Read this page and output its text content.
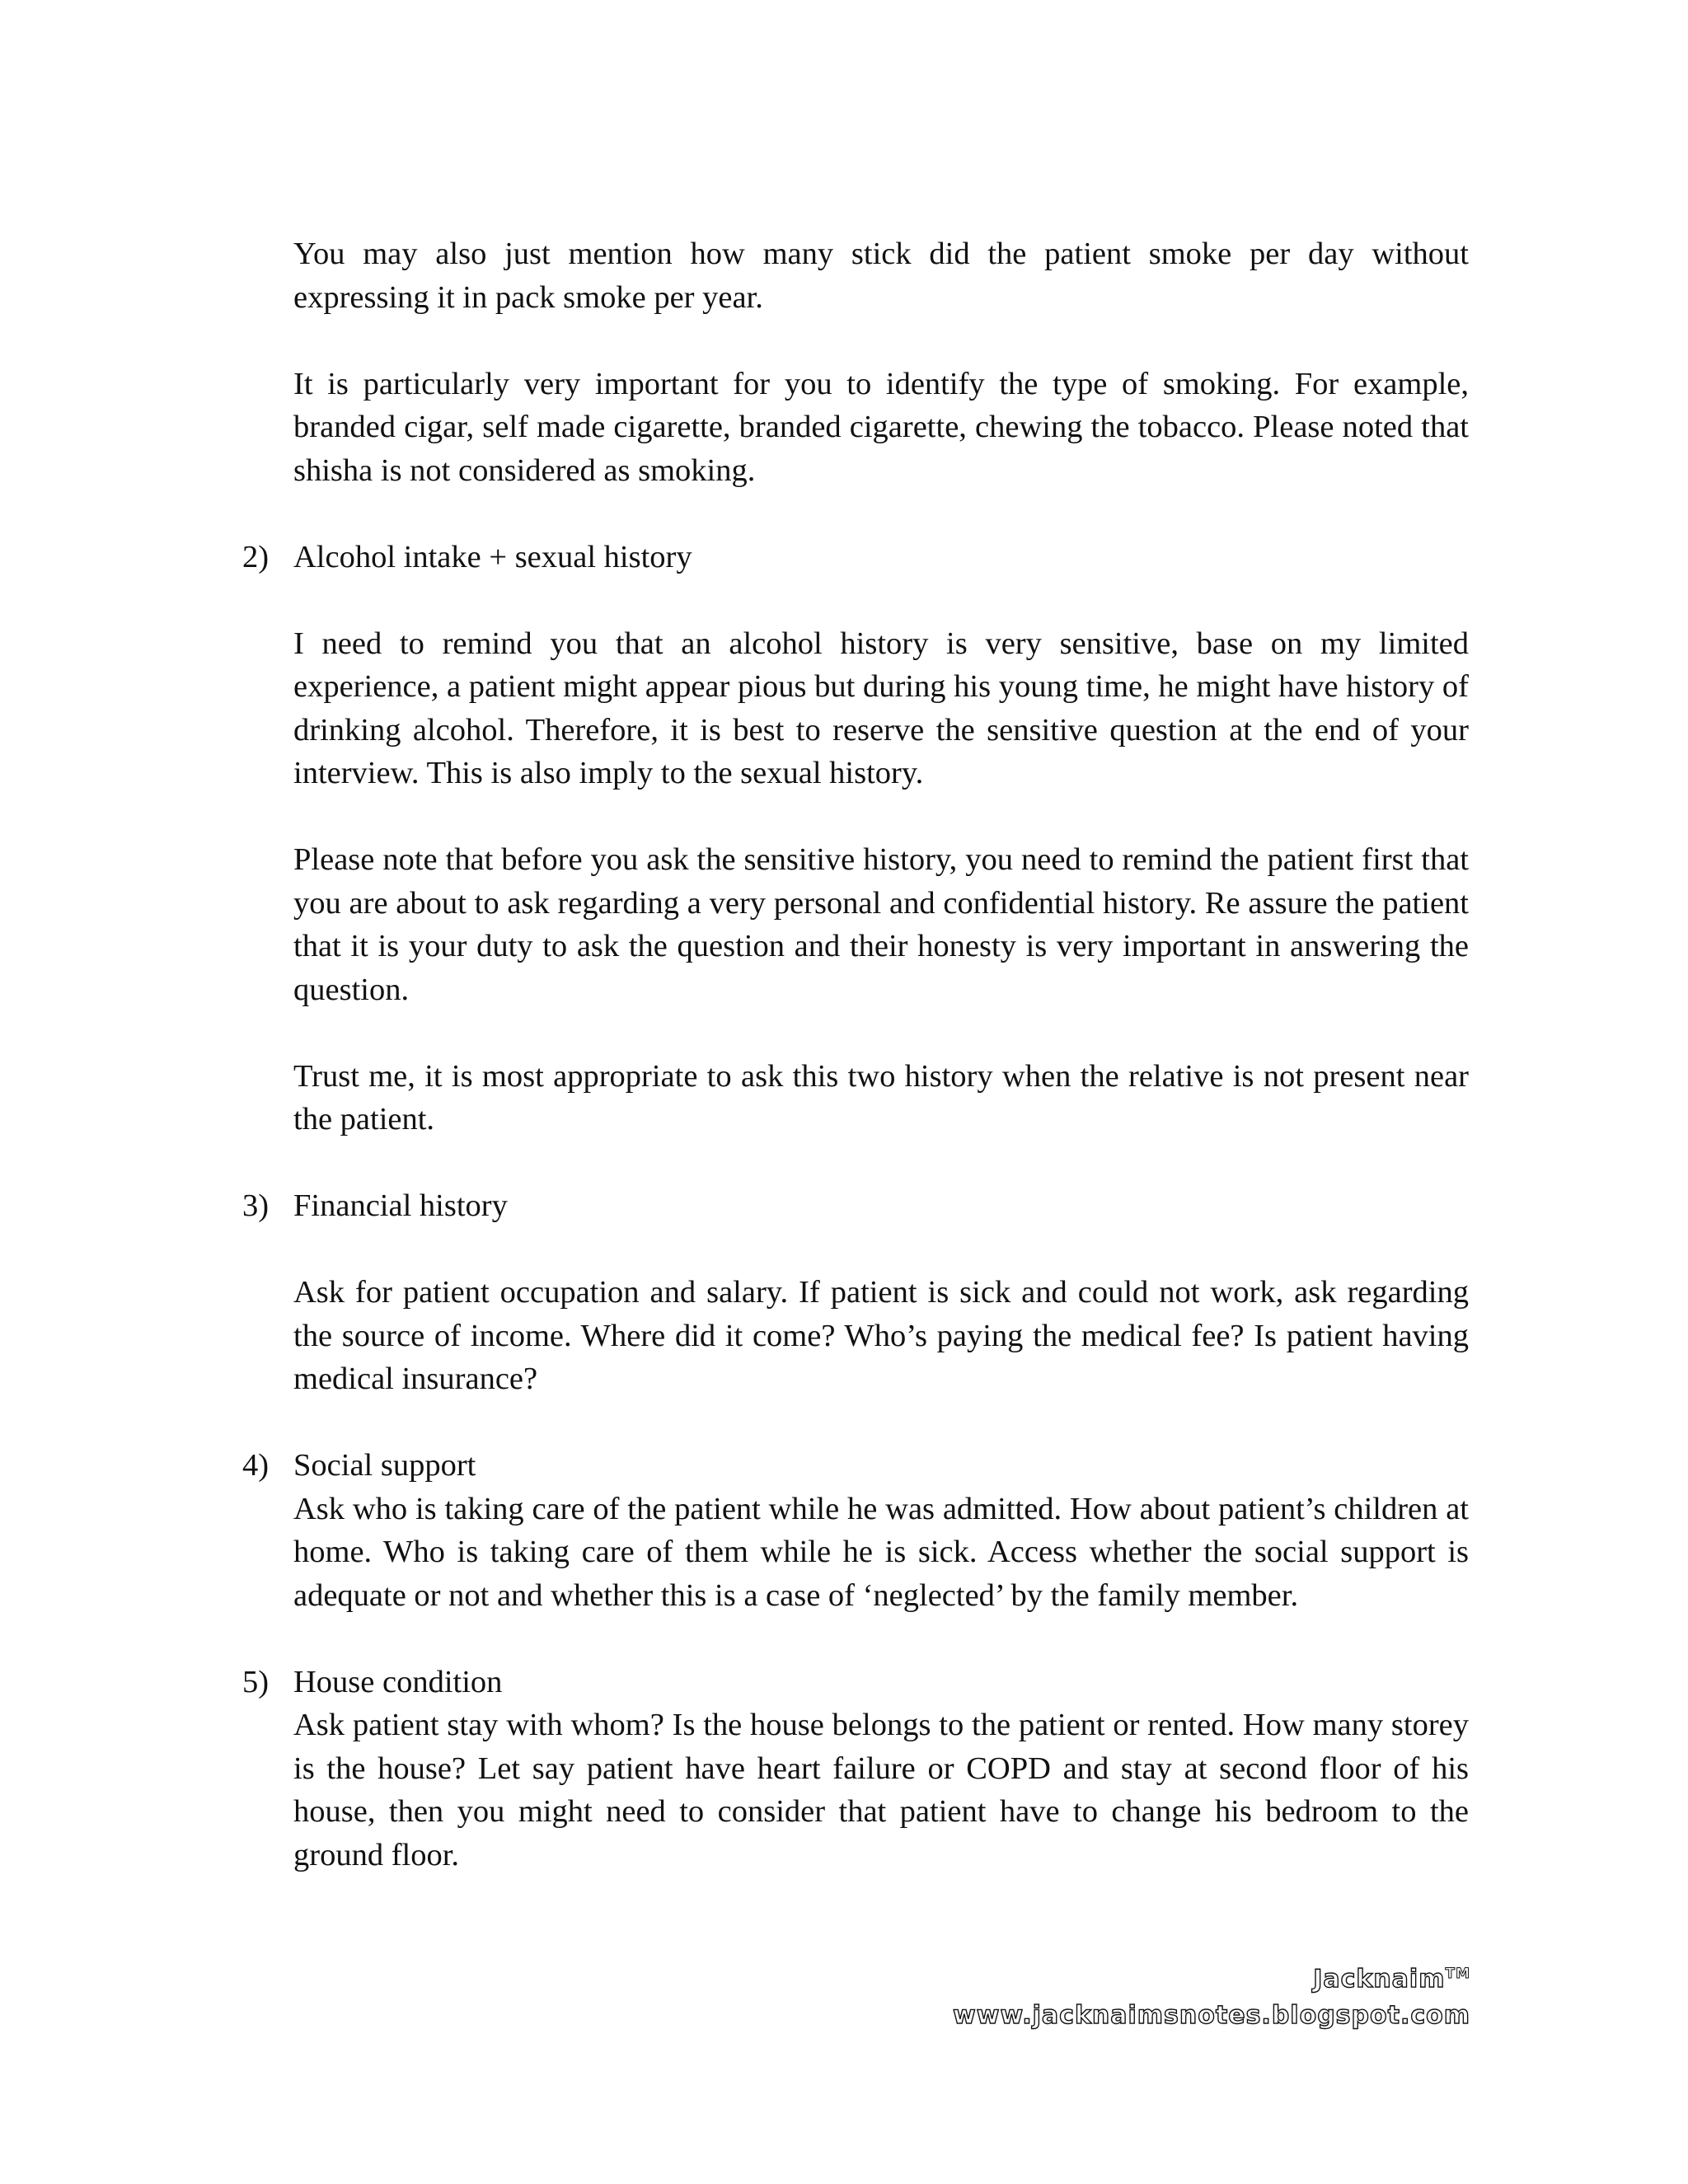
You may also just mention how many stick did the patient smoke per day without expressing it in pack smoke per year.

It is particularly very important for you to identify the type of smoking. For example, branded cigar, self made cigarette, branded cigarette, chewing the tobacco. Please noted that shisha is not considered as smoking.

2) Alcohol intake + sexual history

I need to remind you that an alcohol history is very sensitive, base on my limited experience, a patient might appear pious but during his young time, he might have history of drinking alcohol. Therefore, it is best to reserve the sensitive question at the end of your interview. This is also imply to the sexual history.

Please note that before you ask the sensitive history, you need to remind the patient first that you are about to ask regarding a very personal and confidential history. Re assure the patient that it is your duty to ask the question and their honesty is very important in answering the question.

Trust me, it is most appropriate to ask this two history when the relative is not present near the patient.

3) Financial history

Ask for patient occupation and salary. If patient is sick and could not work, ask regarding the source of income. Where did it come? Who’s paying the medical fee? Is patient having medical insurance?

4) Social support

Ask who is taking care of the patient while he was admitted. How about patient’s children at home. Who is taking care of them while he is sick. Access whether the social support is adequate or not and whether this is a case of ‘neglected’ by the family member.

5) House condition

Ask patient stay with whom? Is the house belongs to the patient or rented. How many storey is the house? Let say patient have heart failure or COPD and stay at second floor of his house, then you might need to consider that patient have to change his bedroom to the ground floor.

Jacknaim™
www.jacknaimsnotes.blogspot.com
